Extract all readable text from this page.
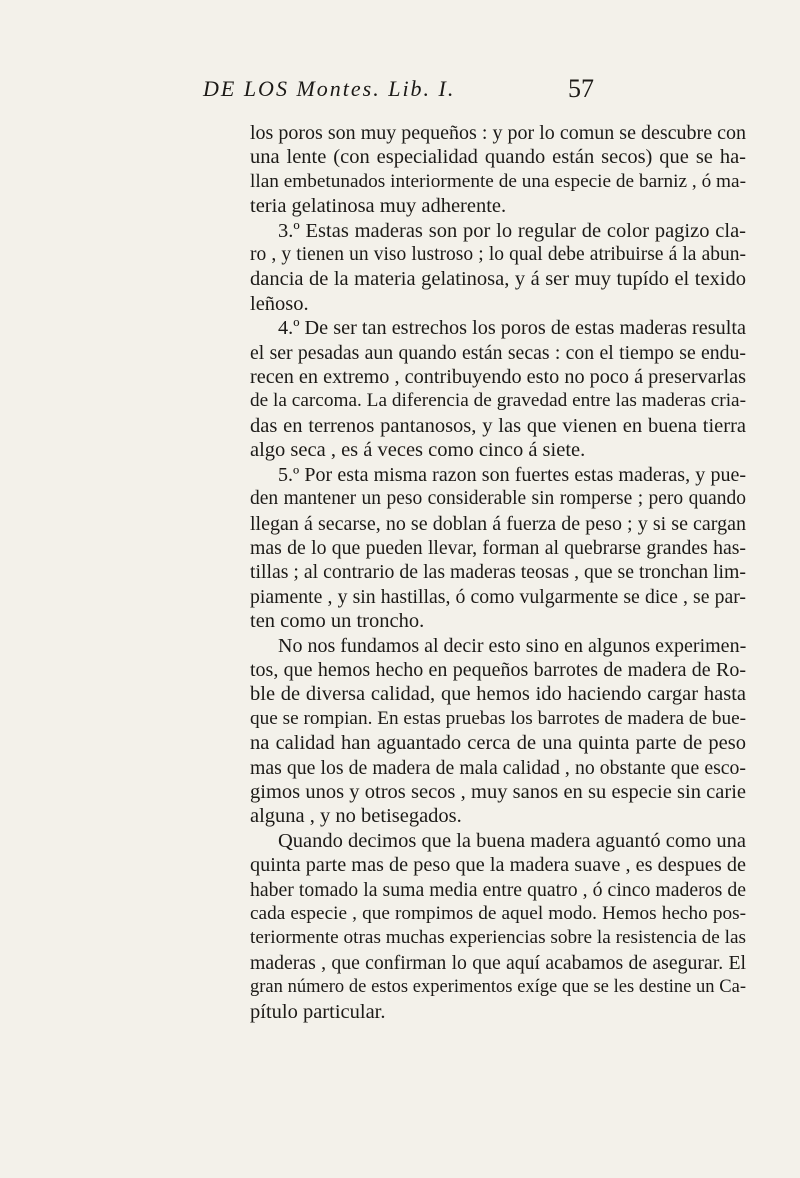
DE LOS Montes. Lib. I.	57
los poros son muy pequeños : y por lo comun se descubre con
una lente (con especialidad quando están secos) que se ha-
llan embetunados interiormente de una especie de barniz , ó ma-
teria gelatinosa muy adherente.
3.º Estas maderas son por lo regular de color pagizo cla-
ro , y tienen un viso lustroso ; lo qual debe atribuirse á la abun-
dancia de la materia gelatinosa, y á ser muy tupído el texido
leñoso.
4.º De ser tan estrechos los poros de estas maderas resulta
el ser pesadas aun quando están secas : con el tiempo se endu-
recen en extremo , contribuyendo esto no poco á preservarlas
de la carcoma. La diferencia de gravedad entre las maderas cria-
das en terrenos pantanosos, y las que vienen en buena tierra
algo seca , es á veces como cinco á siete.
5.º Por esta misma razon son fuertes estas maderas, y pue-
den mantener un peso considerable sin romperse ; pero quando
llegan á secarse, no se doblan á fuerza de peso ; y si se cargan
mas de lo que pueden llevar, forman al quebrarse grandes has-
tillas ; al contrario de las maderas teosas , que se tronchan lim-
piamente , y sin hastillas, ó como vulgarmente se dice , se par-
ten como un troncho.
No nos fundamos al decir esto sino en algunos experimen-
tos, que hemos hecho en pequeños barrotes de madera de Ro-
ble de diversa calidad, que hemos ido haciendo cargar hasta
que se rompian. En estas pruebas los barrotes de madera de bue-
na calidad han aguantado cerca de una quinta parte de peso
mas que los de madera de mala calidad , no obstante que esco-
gimos unos y otros secos , muy sanos en su especie sin carie
alguna , y no betisegados.
Quando decimos que la buena madera aguantó como una
quinta parte mas de peso que la madera suave , es despues de
haber tomado la suma media entre quatro , ó cinco maderos de
cada especie , que rompimos de aquel modo. Hemos hecho pos-
teriormente otras muchas experiencias sobre la resistencia de las
maderas , que confirman lo que aquí acabamos de asegurar. El
gran número de estos experimentos exíge que se les destine un Ca-
pítulo particular.
